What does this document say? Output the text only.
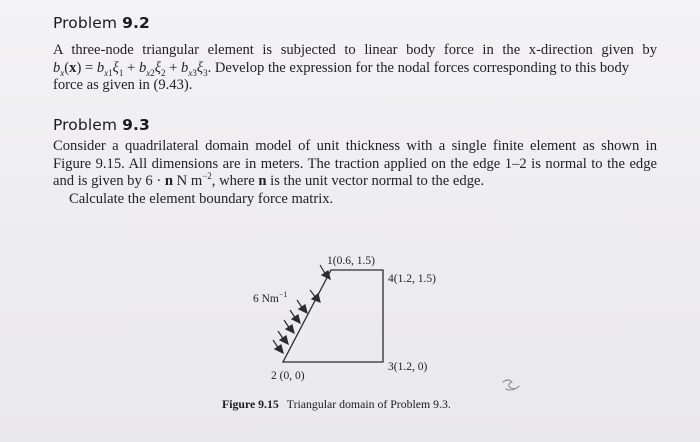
Problem 9.2
A three-node triangular element is subjected to linear body force in the x-direction given by
$b_x(x) = b_{x1}\xi_1 + b_{x2}\xi_2 + b_{x3}\xi_3$. Develop the expression for the nodal forces corresponding to this body
force as given in (9.43).
Problem 9.3
Consider a quadrilateral domain model of unit thickness with a single finite element as shown in
Figure 9.15. All dimensions are in meters. The traction applied on the edge 1–2 is normal to the edge
and is given by 6 · n N $m^{-2}$, where n is the unit vector normal to the edge.
Calculate the element boundary force matrix.
1(0.6, 1.5)
4(1.2, 1.5)
3(1.2, 0)
2 (0, 0)
6 $Nm^{-1}$
Figure 9.15 Triangular domain of Problem 9.3.
